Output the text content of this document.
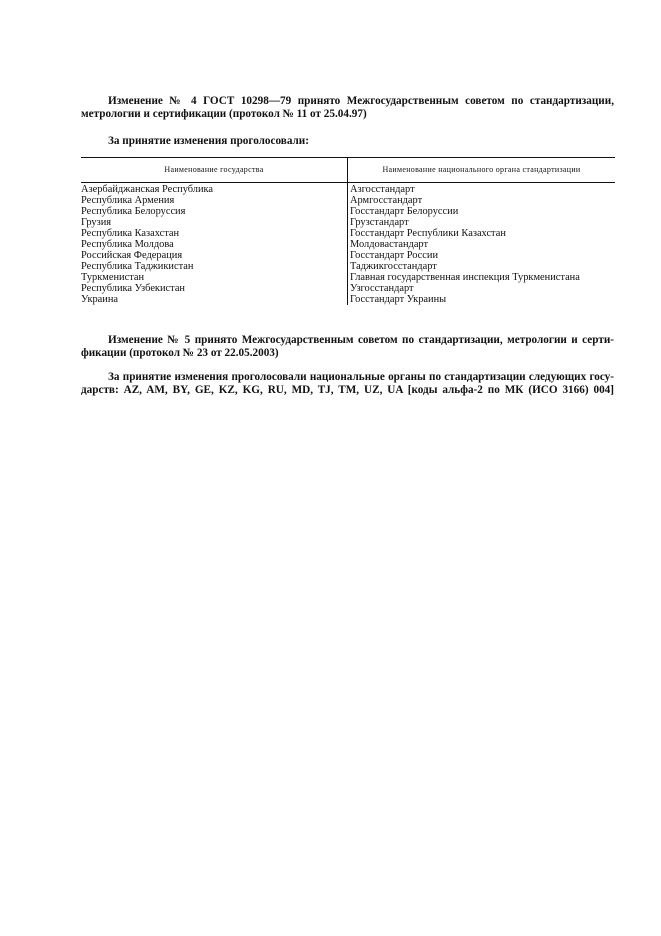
Изменение № 4 ГОСТ 10298—79 принято Межгосударственным советом по стандартизации,
метрологии и сертификации (протокол № 11 от 25.04.97)
За принятие изменения проголосовали:
Наименование государства	Наименование национального органа стандартизации
Азербайджанская Республика	Азгосстандарт
Республика Армения	Армгосстандарт
Республика Белоруссия	Госстандарт Белоруссии
Грузия	Грузстандарт
Республика Казахстан	Госстандарт Республики Казахстан
Республика Молдова	Молдовастандарт
Российская Федерация	Госстандарт России
Республика Таджикистан	Таджикгосстандарт
Туркменистан	Главная государственная инспекция Туркменистана
Республика Узбекистан	Узгосстандарт
Украина	Госстандарт Украины
Изменение № 5 принято Межгосударственным советом по стандартизации, метрологии и серти-
фикации (протокол № 23 от 22.05.2003)
За принятие изменения проголосовали национальные органы по стандартизации следующих госу-
дарств: AZ, AM, BY, GE, KZ, KG, RU, MD, TJ, TM, UZ, UA [коды альфа-2 по МК (ИСО 3166) 004]
